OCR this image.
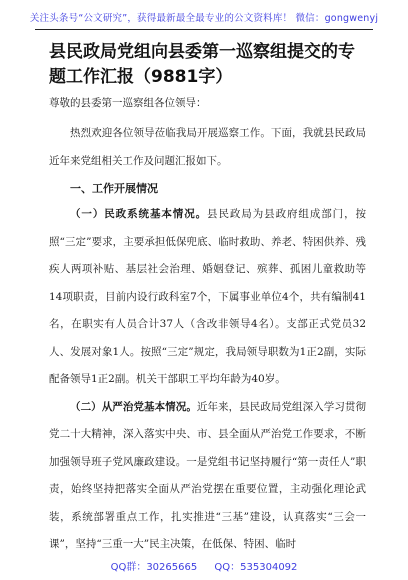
关注头条号“公文研究”，获得最新最全最专业的公文资料库！ 微信：gongwenyj
县民政局党组向县委第一巡察组提交的专题工作汇报（9881字）
尊敬的县委第一巡察组各位领导：

热烈欢迎各位领导莅临我局开展巡察工作。下面，我就县民政局近年来党组相关工作及问题汇报如下。

一、工作开展情况

（一）民政系统基本情况。县民政局为县政府组成部门，按照“三定”要求，主要承担低保兜底、临时救助、养老、特困供养、残疾人两项补贴、基层社会治理、婚姻登记、殡葬、孤困儿童救助等14项职责，目前内设行政科室7个，下属事业单位4个，共有编制41名，在职实有人员合计37人（含改非领导4名）。支部正式党员32人、发展对象1人。按照“三定”规定，我局领导职数为1正2副，实际配备领导1正2副。机关干部职工平均年龄为40岁。

（二）从严治党基本情况。近年来，县民政局党组深入学习贯彻党二十大精神，深入落实中央、市、县全面从严治党工作要求，不断加强领导班子党风廉政建设。一是党组书记坚持履行“第一责任人”职责，始终坚持把落实全面从严治党摆在重要位置，主动强化理论武装，系统部署重点工作，扎实推进“三基”建设，认真落实“三会一课”，坚持“三重一大”民主决策，在低保、特困、临时

QQ群：30265665 QQ：535304092
